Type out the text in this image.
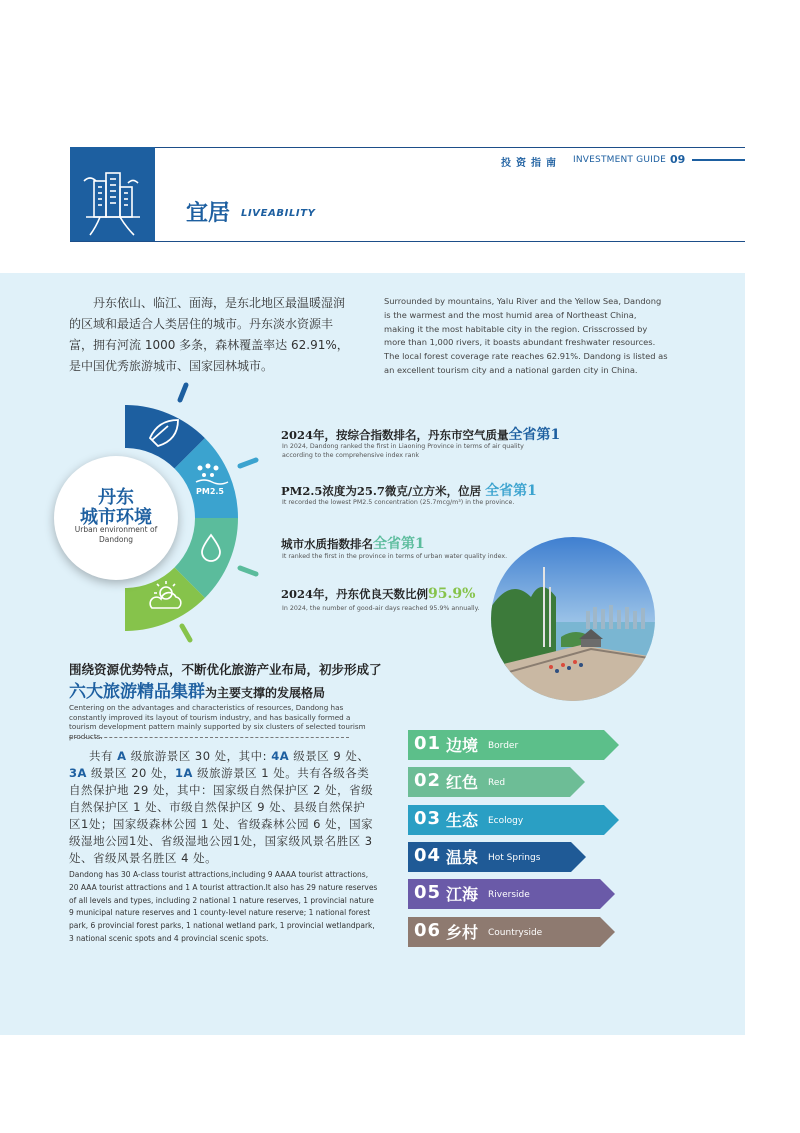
投资指南 INVESTMENT GUIDE 09
宜居 LIVEABILITY
丹东依山、临江、面海，是东北地区最温暖湿润的区域和最适合人类居住的城市。丹东淡水资源丰富，拥有河流 1000 多条，森林覆盖率达 62.91%，是中国优秀旅游城市、国家园林城市。
Surrounded by mountains, Yalu River and the Yellow Sea, Dandong is the warmest and the most humid area of Northeast China, making it the most habitable city in the region. Crisscrossed by more than 1,000 rivers, it boasts abundant freshwater resources. The local forest coverage rate reaches 62.91%. Dandong is listed as an excellent tourism city and a national garden city in China.
丹东
城市环境
Urban environment of Dandong
PM2.5
2024年，按综合指数排名，丹东市空气质量全省第1
In 2024, Dandong ranked the first in Liaoning Province in terms of air quality according to the comprehensive index rank
PM2.5浓度为25.7微克/立方米，位居 全省第1
It recorded the lowest PM2.5 concentration (25.7mcg/m³) in the province.
城市水质指数排名全省第1
It ranked the first in the province in terms of urban water quality index.
2024年，丹东优良天数比例95.9%
In 2024, the number of good-air days reached 95.9% annually.
围绕资源优势特点，不断优化旅游产业布局，初步形成了
六大旅游精品集群为主要支撑的发展格局
Centering on the advantages and characteristics of resources, Dandong has constantly improved its layout of tourism industry, and has basically formed a tourism development pattern mainly supported by six clusters of selected tourism products.
共有 A 级旅游景区 30 处，其中: 4A 级景区 9 处、3A 级景区 20 处，1A 级旅游景区 1 处。共有各级各类自然保护地 29 处，其中：国家级自然保护区 2 处，省级自然保护区 1 处、市级自然保护区 9 处、县级自然保护区1处；国家级森林公园 1 处、省级森林公园 6 处，国家级湿地公园1处、省级湿地公园1处，国家级风景名胜区 3 处、省级风景名胜区 4 处。
Dandong has 30 A-class tourist attractions,including 9 AAAA tourist attractions, 20 AAA tourist attractions and 1 A tourist attraction.It also has 29 nature reserves of all levels and types, including 2 national 1 nature reserves, 1 provincial nature 9 municipal nature reserves and 1 county-level nature reserve; 1 national forest park, 6 provincial forest parks, 1 national wetland park, 1 provincial wetlandpark, 3 national scenic spots and 4 provincial scenic spots.
01 边境 Border
02 红色 Red
03 生态 Ecology
04 温泉 Hot Springs
05 江海 Riverside
06 乡村 Countryside
